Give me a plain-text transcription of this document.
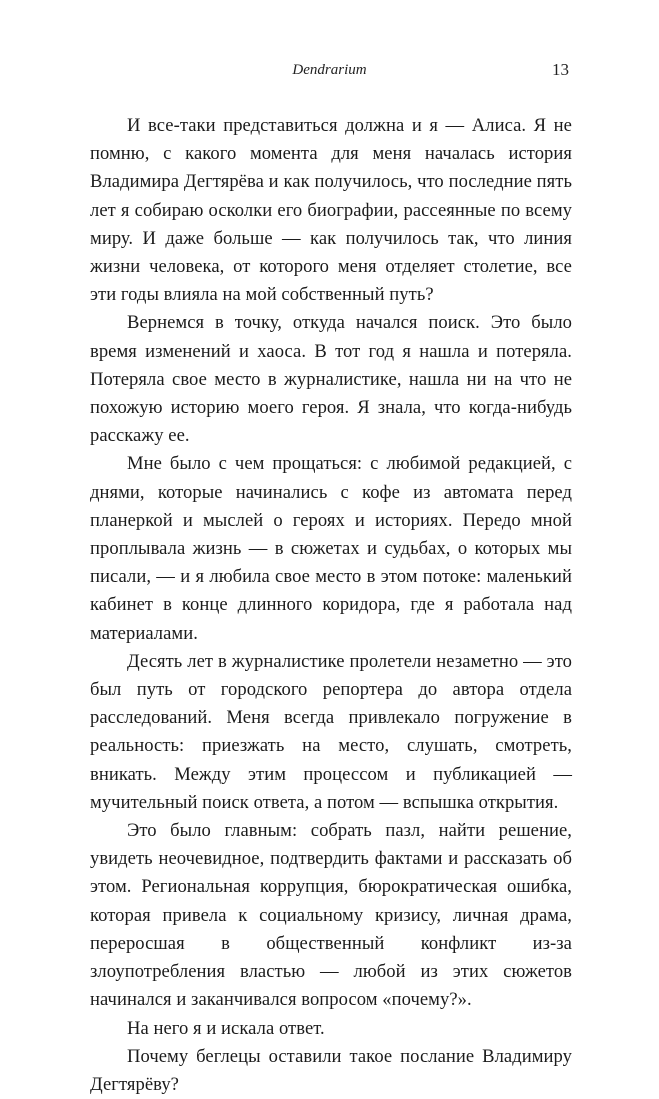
Dendrarium	13

И все-таки представиться должна и я — Алиса. Я не помню, с какого момента для меня началась история Владимира Дегтярёва и как получилось, что последние пять лет я собираю осколки его биографии, рассеянные по всему миру. И даже больше — как получилось так, что линия жизни человека, от которого меня отделяет столетие, все эти годы влияла на мой собственный путь?

Вернемся в точку, откуда начался поиск. Это было время изменений и хаоса. В тот год я нашла и потеряла. Потеряла свое место в журналистике, нашла ни на что не похожую историю моего героя. Я знала, что когда-нибудь расскажу ее.

Мне было с чем прощаться: с любимой редакцией, с днями, которые начинались с кофе из автомата перед планеркой и мыслей о героях и историях. Передо мной проплывала жизнь — в сюжетах и судьбах, о которых мы писали, — и я любила свое место в этом потоке: маленький кабинет в конце длинного коридора, где я работала над материалами.

Десять лет в журналистике пролетели незаметно — это был путь от городского репортера до автора отдела расследований. Меня всегда привлекало погружение в реальность: приезжать на место, слушать, смотреть, вникать. Между этим процессом и публикацией — мучительный поиск ответа, а потом — вспышка открытия.

Это было главным: собрать пазл, найти решение, увидеть неочевидное, подтвердить фактами и рассказать об этом. Региональная коррупция, бюрократическая ошибка, которая привела к социальному кризису, личная драма, переросшая в общественный конфликт из-за злоупотребления властью — любой из этих сюжетов начинался и заканчивался вопросом «почему?».

На него я и искала ответ.

Почему беглецы оставили такое послание Владимиру Дегтярёву?
